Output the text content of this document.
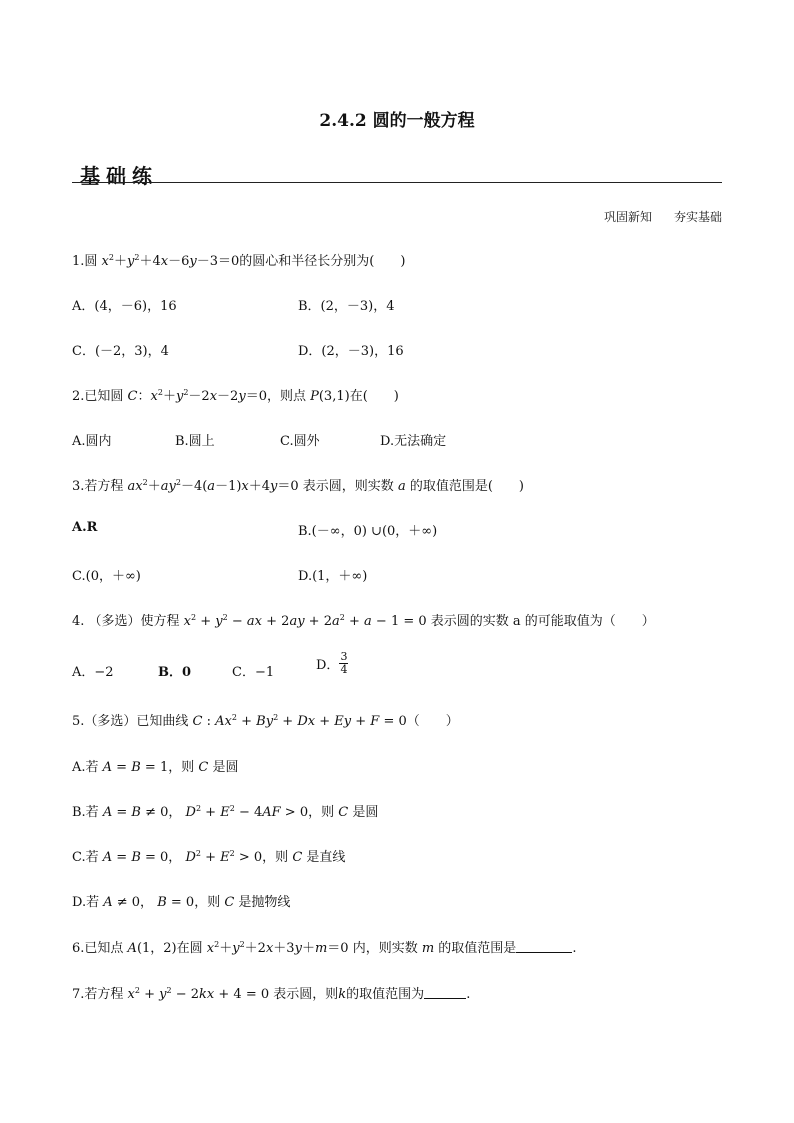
2.4.2 圆的一般方程
基础练
巩固新知 夯实基础
1.圆 $x^2+y^2+4x-6y-3=0$的圆心和半径长分别为(　　)
A．(4，－6)，16	B．(2，－3)，4
C．(－2，3)，4	D．(2，－3)，16
2.已知圆 C：$x^2+y^2-2x-2y=0$，则点 P(3,1)在(　　)
A.圆内	B.圆上	C.圆外	D.无法确定
3.若方程 $ax^2+ay^2-4(a-1)x+4y=0$ 表示圆，则实数 a 的取值范围是(　　)
A.R	B.(－∞，0) ∪(0，＋∞)
C.(0，＋∞)	D.(1，＋∞)
4. （多选）使方程 $x^2 + y^2$ − ax + $2ay + 2a^2 + a - 1 = 0$ 表示圆的实数 a 的可能取值为（　　）
A．−2	B．0	C．−1	D． $\frac{3}{4}$
5.（多选）已知曲线 C : $Ax^2 + By^2 + Dx + Ey + F = 0$（　　）
A.若 A = B = 1，则 C 是圆
B.若 A = B ≠ 0， $D^2 + E^2 - 4AF > 0$，则 C 是圆
C.若 A = B = 0， $D^2 + E^2 > 0$，则 C 是直线
D.若 A ≠ 0， B = 0，则 C 是抛物线
6.已知点 A(1，2)在圆 $x^2+y^2+2x+3y+m=0$ 内，则实数 m 的取值范围是	.
7.若方程 $x^2 + y^2 - 2kx + 4 = 0$ 表示圆，则k的取值范围为	.
